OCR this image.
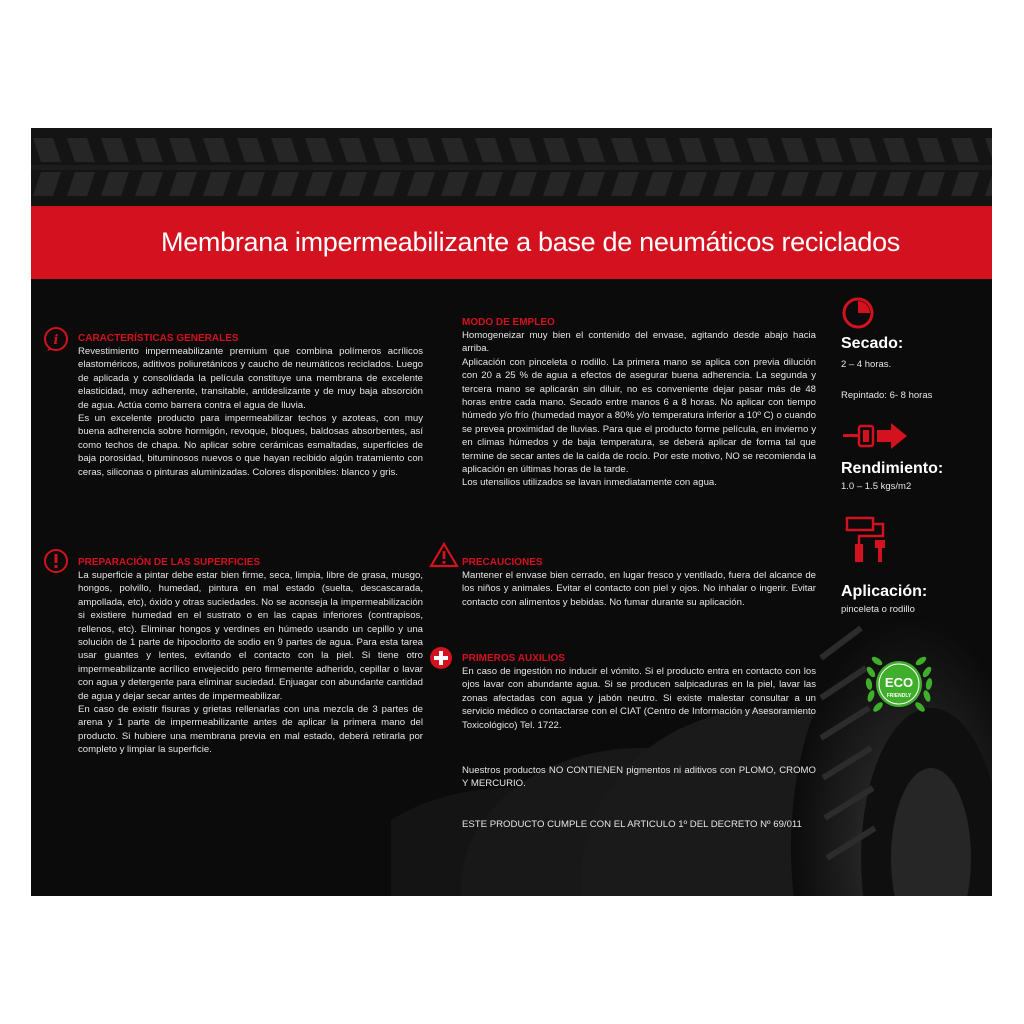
Membrana impermeabilizante a base de neumáticos reciclados
i CARACTERÍSTICAS GENERALES

Revestimiento impermeabilizante premium que combina polímeros acrílicos elastoméricos, aditivos poliuretánicos y caucho de neumáticos reciclados. Luego de aplicada y consolidada la película constituye una membrana de excelente elasticidad, muy adherente, transitable, antideslizante y de muy baja absorción de agua. Actúa como barrera contra el agua de lluvia.

Es un excelente producto para impermeabilizar techos y azoteas, con muy buena adherencia sobre hormigón, revoque, bloques, baldosas absorbentes, así como techos de chapa. No aplicar sobre cerámicas esmaltadas, superficies de baja porosidad, bituminosos nuevos o que hayan recibido algún tratamiento con ceras, siliconas o pinturas aluminizadas. Colores disponibles: blanco y gris.

PREPARACIÓN DE LAS SUPERFICIES

La superficie a pintar debe estar bien firme, seca, limpia, libre de grasa, musgo, hongos, polvillo, humedad, pintura en mal estado (suelta, descascarada, ampollada, etc), óxido y otras suciedades. No se aconseja la impermeabilización si existiere humedad en el sustrato o en las capas inferiores (contrapisos, rellenos, etc). Eliminar hongos y verdines en húmedo usando un cepillo y una solución de 1 parte de hipoclorito de sodio en 9 partes de agua. Para esta tarea usar guantes y lentes, evitando el contacto con la piel. Si tiene otro impermeabilizante acrílico envejecido pero firmemente adherido, cepillar o lavar con agua y detergente para eliminar suciedad. Enjuagar con abundante cantidad de agua y dejar secar antes de impermeabilizar.

En caso de existir fisuras y grietas rellenarlas con una mezcla de 3 partes de arena y 1 parte de impermeabilizante antes de aplicar la primera mano del producto. Si hubiere una membrana previa en mal estado, deberá retirarla por completo y limpiar la superficie.

MODO DE EMPLEO

Homogeneizar muy bien el contenido del envase, agitando desde abajo hacia arriba.

Aplicación con pinceleta o rodillo. La primera mano se aplica con previa dilución con 20 a 25 % de agua a efectos de asegurar buena adherencia. La segunda y tercera mano se aplicarán sin diluir, no es conveniente dejar pasar más de 48 horas entre cada mano. Secado entre manos 6 a 8 horas. No aplicar con tiempo húmedo y/o frío (humedad mayor a 80% y/o temperatura inferior a 10º C) o cuando se prevea proximidad de lluvias. Para que el producto forme película, en invierno y en climas húmedos y de baja temperatura, se deberá aplicar de forma tal que termine de secar antes de la caída de rocío. Por este motivo, NO se recomienda la aplicación en últimas horas de la tarde.

Los utensilios utilizados se lavan inmediatamente con agua.

PRECAUCIONES

Mantener el envase bien cerrado, en lugar fresco y ventilado, fuera del alcance de los niños y animales. Evitar el contacto con piel y ojos. No inhalar o ingerir. Evitar contacto con alimentos y bebidas. No fumar durante su aplicación.

PRIMEROS AUXILIOS

En caso de ingestión no inducir el vómito. Si el producto entra en contacto con los ojos lavar con abundante agua. Si se producen salpicaduras en la piel, lavar las zonas afectadas con agua y jabón neutro. Si existe malestar consultar a un servicio médico o contactarse con el CIAT (Centro de Información y Asesoramiento Toxicológico) Tel. 1722.

Nuestros productos NO CONTIENEN pigmentos ni aditivos con PLOMO, CROMO Y MERCURIO.

ESTE PRODUCTO CUMPLE CON EL ARTICULO 1º DEL DECRETO Nº 69/011

Secado:

2 – 4 horas.

Repintado: 6- 8 horas

Rendimiento:

1.0 – 1.5 kgs/m2

Aplicación:

pinceleta o rodillo

ECO
FRIENDLY
